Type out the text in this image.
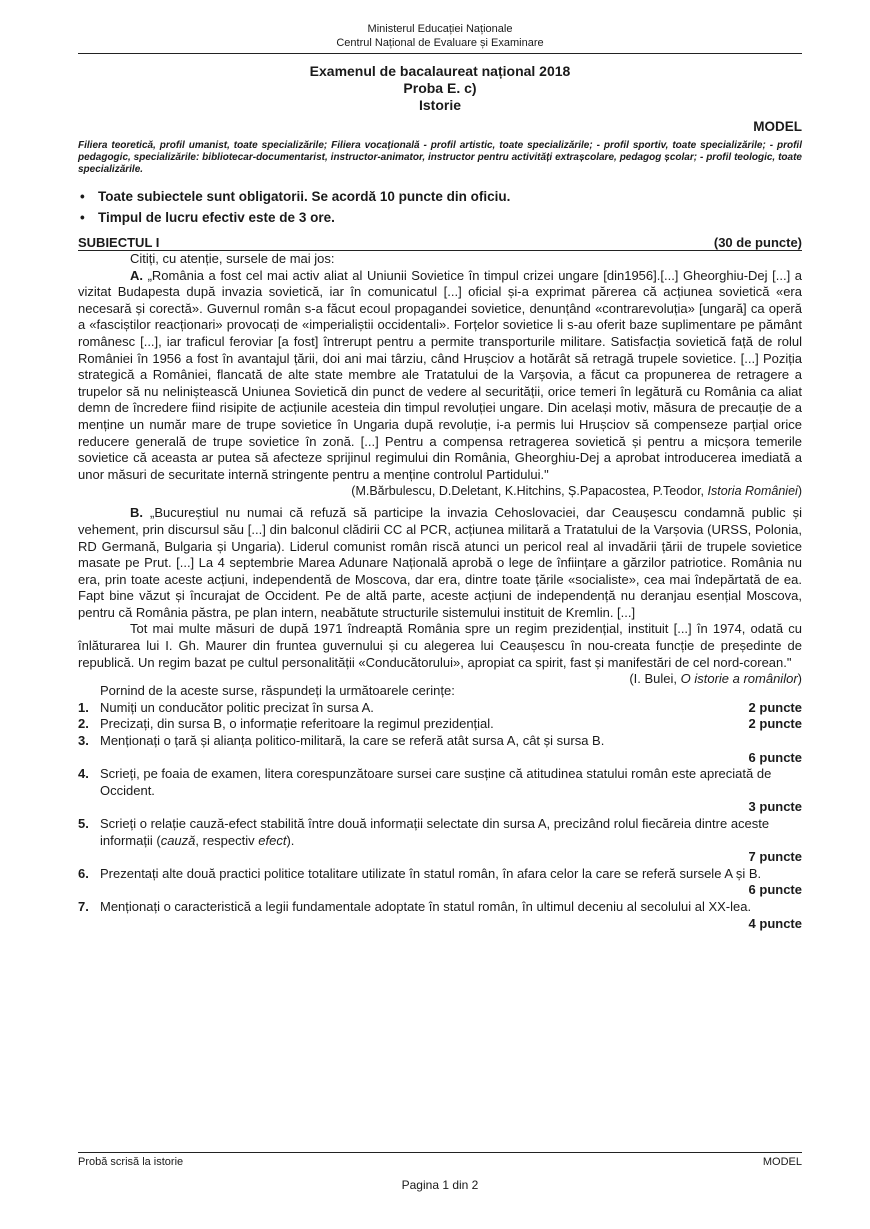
Ministerul Educației Naționale
Centrul Național de Evaluare și Examinare
Examenul de bacalaureat național 2018
Proba E. c)
Istorie
MODEL
Filiera teoretică, profil umanist, toate specializările; Filiera vocațională - profil artistic, toate specializările; - profil sportiv, toate specializările; - profil pedagogic, specializările: bibliotecar-documentarist, instructor-animator, instructor pentru activități extrașcolare, pedagog școlar; - profil teologic, toate specializările.
• Toate subiectele sunt obligatorii. Se acordă 10 puncte din oficiu.
• Timpul de lucru efectiv este de 3 ore.
SUBIECTUL I	(30 de puncte)
Citiți, cu atenție, sursele de mai jos:
A. „România a fost cel mai activ aliat al Uniunii Sovietice în timpul crizei ungare [din1956].[...] Gheorghiu-Dej [...] a vizitat Budapesta după invazia sovietică, iar în comunicatul [...] oficial și-a exprimat părerea că acțiunea sovietică «era necesară și corectă». Guvernul român s-a făcut ecoul propagandei sovietice, denunțând «contrarevoluția» [ungară] ca operă a «fasciștilor reacționari» provocați de «imperialiștii occidentali». Forțelor sovietice li s-au oferit baze suplimentare pe pământ românesc [...], iar traficul feroviar [a fost] întrerupt pentru a permite transporturile militare. Satisfacția sovietică față de rolul României în 1956 a fost în avantajul țării, doi ani mai târziu, când Hrușciov a hotărât să retragă trupele sovietice. [...] Poziția strategică a României, flancată de alte state membre ale Tratatului de la Varșovia, a făcut ca propunerea de retragere a trupelor să nu neliniștească Uniunea Sovietică din punct de vedere al securității, orice temeri în legătură cu România ca aliat demn de încredere fiind risipite de acțiunile acesteia din timpul revoluției ungare. Din același motiv, măsura de precauție de a menține un număr mare de trupe sovietice în Ungaria după revoluție, i-a permis lui Hrușciov să compenseze parțial orice reducere generală de trupe sovietice în zonă. [...] Pentru a compensa retragerea sovietică și pentru a micșora temerile sovietice că aceasta ar putea să afecteze sprijinul regimului din România, Gheorghiu-Dej a aprobat introducerea imediată a unor măsuri de securitate internă stringente pentru a menține controlul Partidului."
(M.Bărbulescu, D.Deletant, K.Hitchins, Ș.Papacostea, P.Teodor, Istoria României)
B. „Bucureștiul nu numai că refuză să participe la invazia Cehoslovaciei, dar Ceaușescu condamnă public și vehement, prin discursul său [...] din balconul clădirii CC al PCR, acțiunea militară a Tratatului de la Varșovia (URSS, Polonia, RD Germană, Bulgaria și Ungaria). Liderul comunist român riscă atunci un pericol real al invadării țării de trupele sovietice masate pe Prut. [...] La 4 septembrie Marea Adunare Națională aprobă o lege de înființare a gărzilor patriotice. România nu era, prin toate aceste acțiuni, independentă de Moscova, dar era, dintre toate țările «socialiste», cea mai îndepărtată de ea. Fapt bine văzut și încurajat de Occident. Pe de altă parte, aceste acțiuni de independență nu deranjau esențial Moscova, pentru că România păstra, pe plan intern, neabătute structurile sistemului instituit de Kremlin. [...]
Tot mai multe măsuri de după 1971 îndreaptă România spre un regim prezidențial, instituit [...] în 1974, odată cu înlăturarea lui I. Gh. Maurer din fruntea guvernului și cu alegerea lui Ceaușescu în nou-creata funcție de președinte de republică. Un regim bazat pe cultul personalității «Conducătorului», apropiat ca spirit, fast și manifestări de cel nord-corean."
(I. Bulei, O istorie a românilor)
Pornind de la aceste surse, răspundeți la următoarele cerințe:
1. Numiți un conducător politic precizat în sursa A.	2 puncte
2. Precizați, din sursa B, o informație referitoare la regimul prezidențial.	2 puncte
3. Menționați o țară și alianța politico-militară, la care se referă atât sursa A, cât și sursa B.
6 puncte
4. Scrieți, pe foaia de examen, litera corespunzătoare sursei care susține că atitudinea statului român este apreciată de Occident.
3 puncte
5. Scrieți o relație cauză-efect stabilită între două informații selectate din sursa A, precizând rolul fiecăreia dintre aceste informații (cauză, respectiv efect).
7 puncte
6. Prezentați alte două practici politice totalitare utilizate în statul român, în afara celor la care se referă sursele A și B.
6 puncte
7. Menționați o caracteristică a legii fundamentale adoptate în statul român, în ultimul deceniu al secolului al XX-lea.
4 puncte
Probă scrisă la istorie	MODEL
Pagina 1 din 2
